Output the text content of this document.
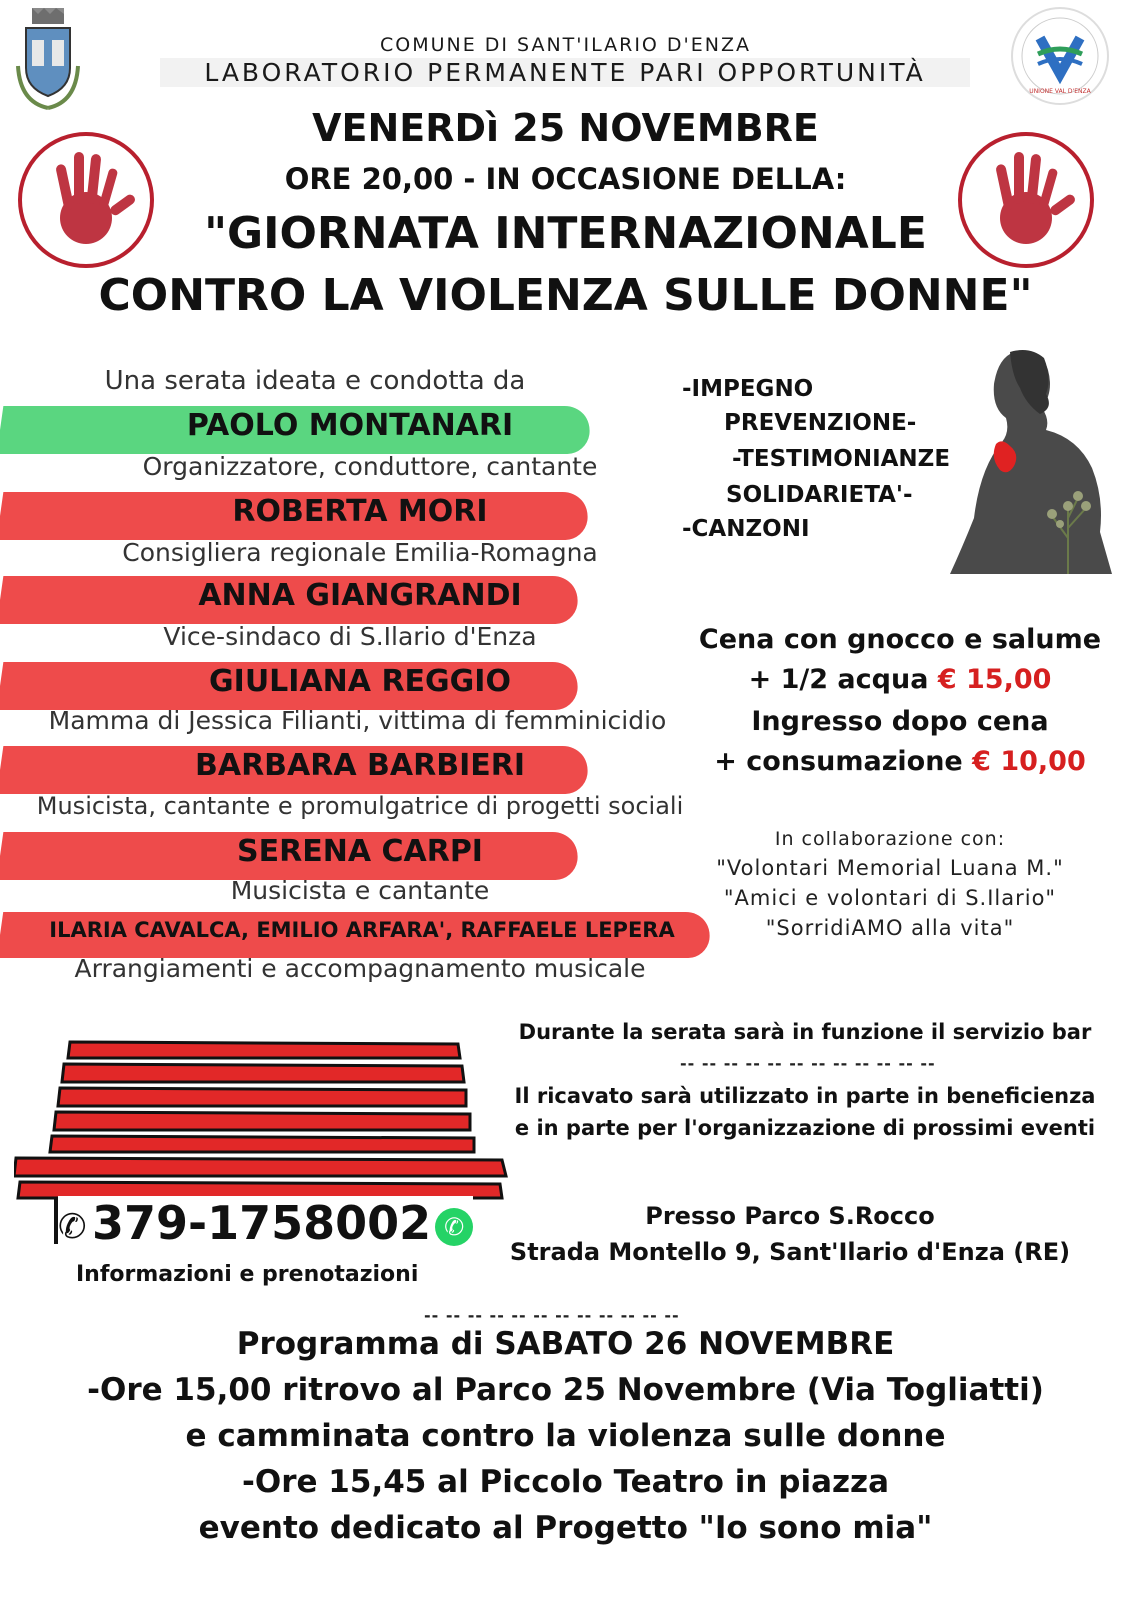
UNIONE VAL D'ENZA
COMUNE DI SANT'ILARIO D'ENZA
LABORATORIO PERMANENTE PARI OPPORTUNITÀ
VENERDì 25 NOVEMBRE
ORE 20,00 - IN OCCASIONE DELLA:
"GIORNATA INTERNAZIONALE
CONTRO LA VIOLENZA SULLE DONNE"
Una serata ideata e condotta da
PAOLO MONTANARI
Organizzatore, conduttore, cantante
ROBERTA MORI
Consigliera regionale Emilia-Romagna
ANNA GIANGRANDI
Vice-sindaco di S.Ilario d'Enza
GIULIANA REGGIO
Mamma di Jessica Filianti, vittima di femminicidio
BARBARA BARBIERI
Musicista, cantante e promulgatrice di progetti sociali
SERENA CARPI
Musicista e cantante
ILARIA CAVALCA, EMILIO ARFARA', RAFFAELE LEPERA
Arrangiamenti e accompagnamento musicale
-IMPEGNO
PREVENZIONE-
-TESTIMONIANZE
SOLIDARIETA'-
-CANZONI
Cena con gnocco e salume
+ 1/2 acqua € 15,00
Ingresso dopo cena
+ consumazione € 10,00
In collaborazione con:
"Volontari Memorial Luana M."
"Amici e volontari di S.Ilario"
"SorridiAMO alla vita"
✆ 379-1758002 ✆
Informazioni e prenotazioni
Durante la serata sarà in funzione il servizio bar
-- -- -- -- -- -- -- -- -- -- -- --
Il ricavato sarà utilizzato in parte in beneficienza
e in parte per l'organizzazione di prossimi eventi
Presso Parco S.Rocco
Strada Montello 9, Sant'Ilario d'Enza (RE)
-- -- -- -- -- -- -- -- -- -- -- --
Programma di SABATO 26 NOVEMBRE
-Ore 15,00 ritrovo al Parco 25 Novembre (Via Togliatti)
e camminata contro la violenza sulle donne
-Ore 15,45 al Piccolo Teatro in piazza
evento dedicato al Progetto "Io sono mia"
